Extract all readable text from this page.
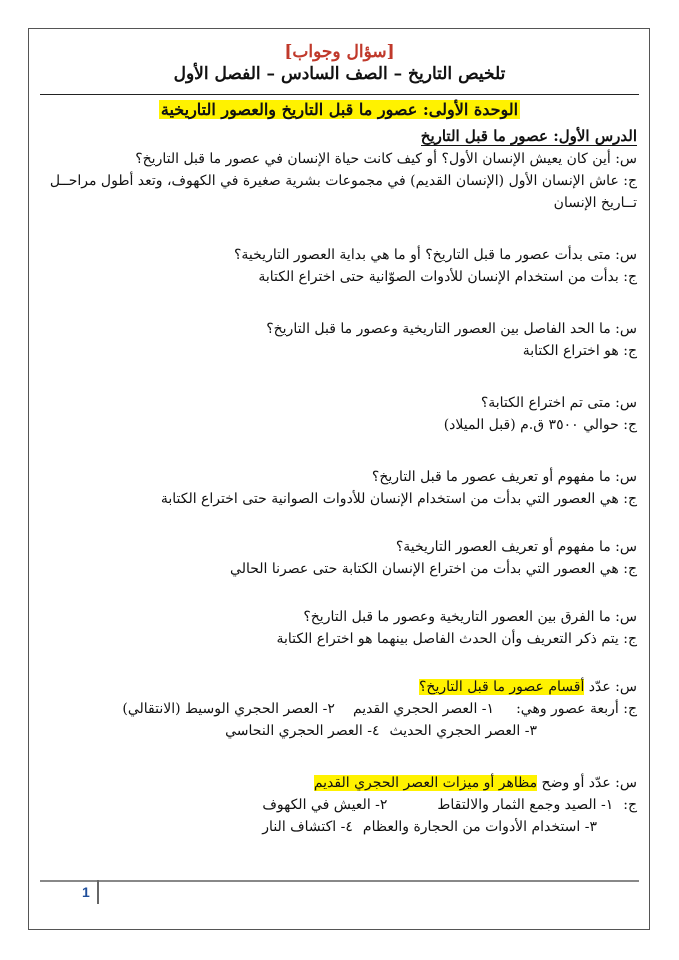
[سؤال وجواب]
تلخيص التاريخ – الصف السادس – الفصل الأول
الوحدة الأولى: عصور ما قبل التاريخ والعصور التاريخية
الدرس الأول: عصور ما قبل التاريخ

س: أين كان يعيش الإنسان الأول؟ أو كيف كانت حياة الإنسان في عصور ما قبل التاريخ؟

ج: عاش الإنسان الأول (الإنسان القديم) في مجموعات بشرية صغيرة في الكهوف، وتعد أطول مراحــل تــاريخ الإنسان

س: متى بدأت عصور ما قبل التاريخ؟ أو ما هي بداية العصور التاريخية؟

ج: بدأت من استخدام الإنسان للأدوات الصوّانية حتى اختراع الكتابة

س: ما الحد الفاصل بين العصور التاريخية وعصور ما قبل التاريخ؟

ج: هو اختراع الكتابة

س: متى تم اختراع الكتابة؟

ج: حوالي ٣٥٠٠ ق.م (قبل الميلاد)

س: ما مفهوم أو تعريف عصور ما قبل التاريخ؟

ج: هي العصور التي بدأت من استخدام الإنسان للأدوات الصوانية حتى اختراع الكتابة

س: ما مفهوم أو تعريف العصور التاريخية؟

ج: هي العصور التي بدأت من اختراع الإنسان الكتابة حتى عصرنا الحالي

س: ما الفرق بين العصور التاريخية وعصور ما قبل التاريخ؟

ج: يتم ذكر التعريف وأن الحدث الفاصل بينهما هو اختراع الكتابة

س: عدّد أقسام عصور ما قبل التاريخ؟

ج: أربعة عصور وهي:
١- العصر الحجري القديم
٢- العصر الحجري الوسيط (الانتقالي)

٣- العصر الحجري الحديث
٤- العصر الحجري النحاسي

س: عدّد أو وضح مظاهر أو ميزات العصر الحجري القديم

ج:
١- الصيد وجمع الثمار والالتقاط
٢- العيش في الكهوف

٣- استخدام الأدوات من الحجارة والعظام
٤- اكتشاف النار

1
